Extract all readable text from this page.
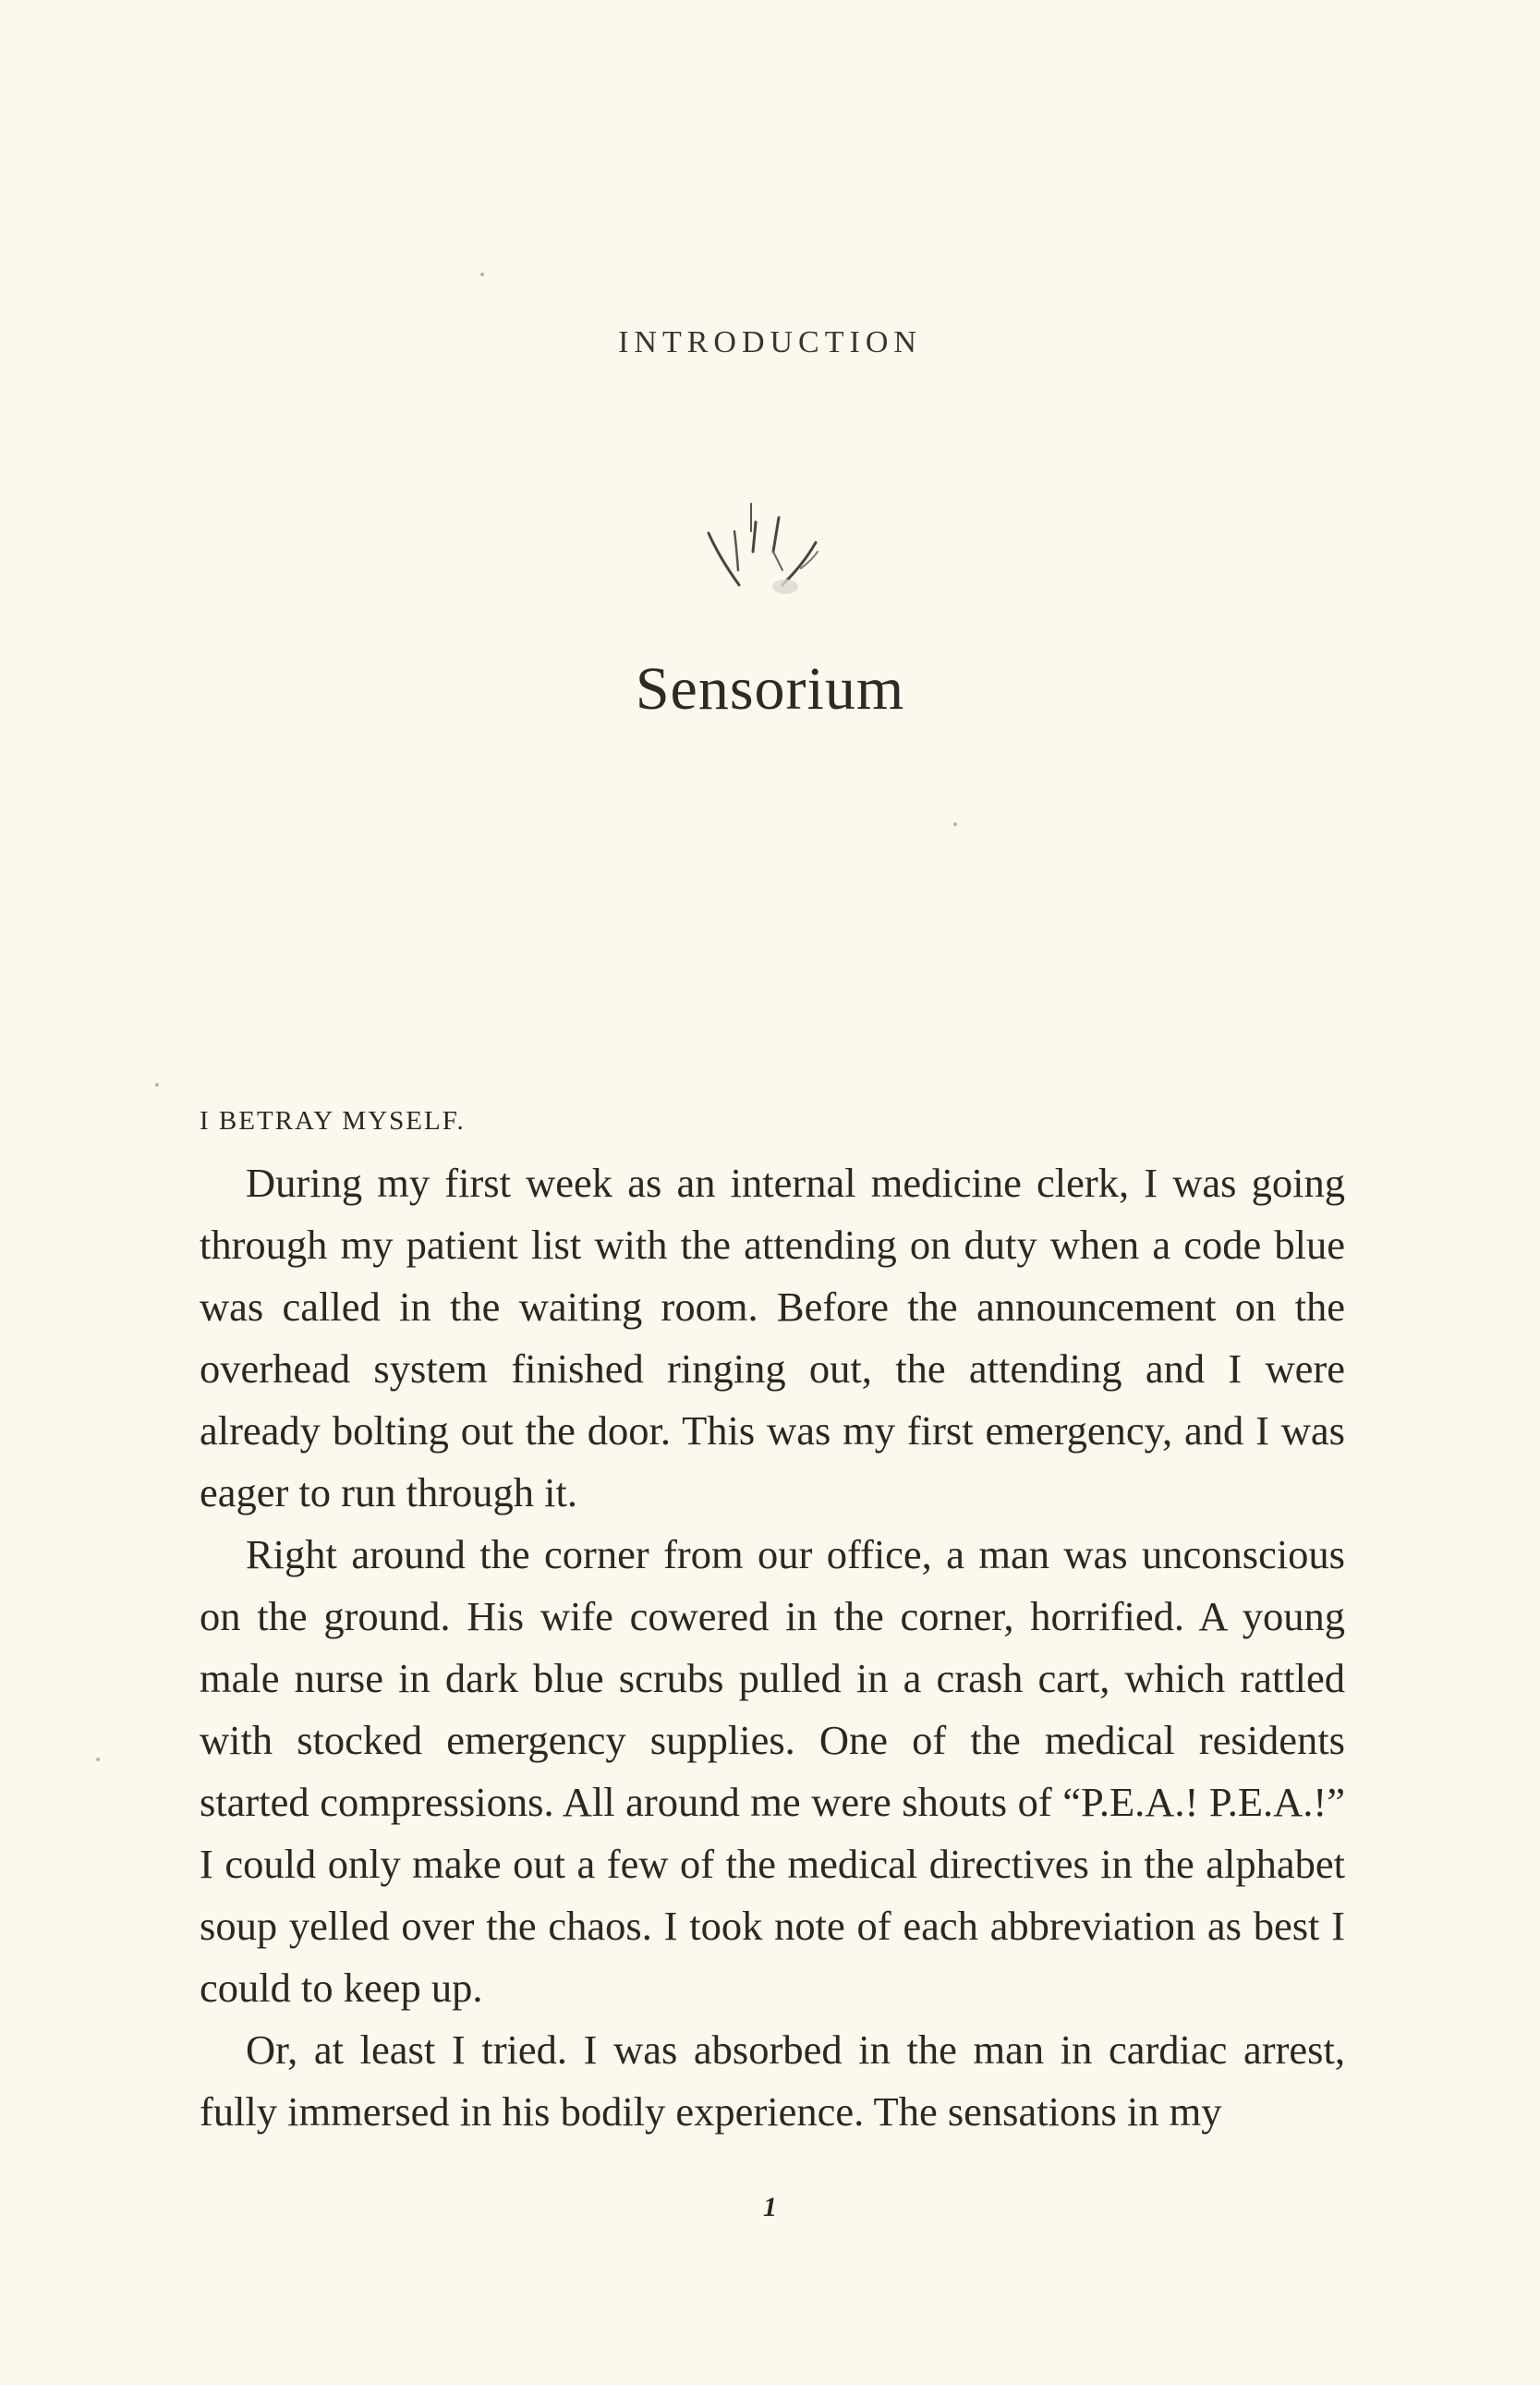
INTRODUCTION
Sensorium
I BETRAY MYSELF.

During my first week as an internal medicine clerk, I was going through my patient list with the attending on duty when a code blue was called in the waiting room. Before the announcement on the overhead system finished ringing out, the attending and I were already bolting out the door. This was my first emergency, and I was eager to run through it.

Right around the corner from our office, a man was unconscious on the ground. His wife cowered in the corner, horrified. A young male nurse in dark blue scrubs pulled in a crash cart, which rattled with stocked emergency supplies. One of the medical residents started compressions. All around me were shouts of “P.E.A.! P.E.A.!” I could only make out a few of the medical directives in the alphabet soup yelled over the chaos. I took note of each abbreviation as best I could to keep up.

Or, at least I tried. I was absorbed in the man in cardiac arrest, fully immersed in his bodily experience. The sensations in my

1
